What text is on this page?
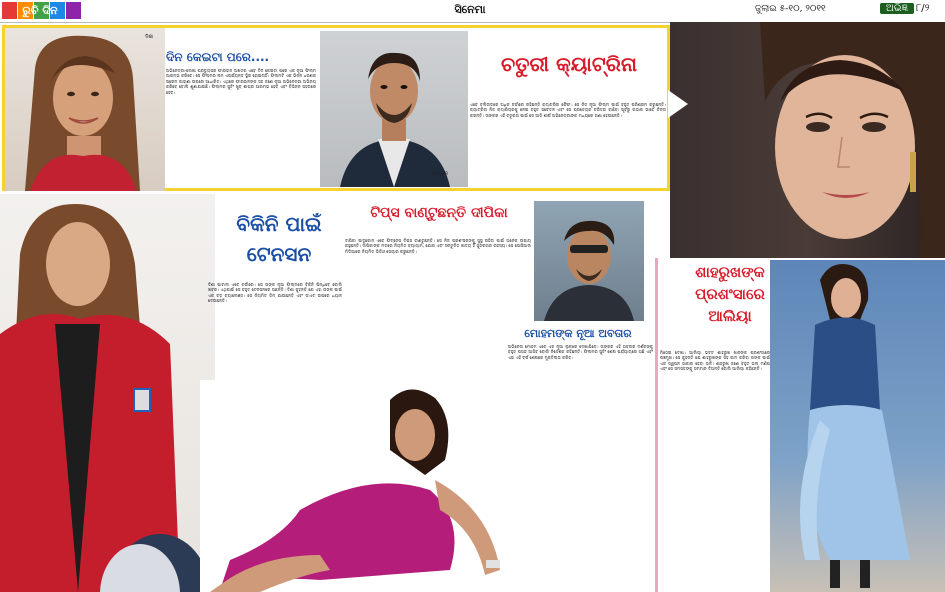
ରୁଚି ଦିନ	ସିନେମା	ଜୁଲାଇ ୫-୧୦, ୨୦୧୧	ଅଭିଜ୍ଞ ୮/୨
ଦିଶା
ଦିନ କେଇଟା ପରେ....
ଅଭିନେତ୍ରୀ-ଲେଖା ପ୍ରଡ୍ୟୁସର ଫାରହାନ ଅଖତର ଏବେ ଦିନ କେଇଟା ପରେ ଏକ ନୂଆ ଫିଲ୍ମ ଆରମ୍ଭ କରିବେ। ସେ ଫିଲ୍ମର ନାମ ଏପର୍ଯ୍ୟନ୍ତ ସ୍ଥିର ହୋଇନାହିଁ। ଫିଲ୍ମଟି ଏକ ଭିନ୍ନ ଧରଣର ପ୍ରେମ କାହାଣୀ ଉପରେ ଆଧାରିତ। ଏଥିରେ ଫାରହାନଙ୍କ ସହ ଜଣେ ନୂଆ ଅଭିନେତ୍ରୀ ଅଭିନୟ କରିବେ ବୋଲି ଶୁଣାଯାଉଛି। ଫିଲ୍ମର ସୁଟିଂ ଖୁବ୍ ଶୀଘ୍ର ଆରମ୍ଭ ହେବ ଏବଂ ବିଭିନ୍ନ ସହରରେ ହେବ।
ଫରହାନ
ଚତୁରୀ କ୍ୟାଟ୍ରିନା
ଏବେ ବଲିଉଡରେ ଅଧିକ ଚର୍ଚ୍ଚାରେ ରହିଛନ୍ତି କ୍ୟାଟ୍ରିନା କୈଫ। ସେ ନିଜ ନୂଆ ଫିଲ୍ମ ପାଇଁ ବହୁତ ପରିଶ୍ରମ କରୁଛନ୍ତି। କ୍ୟାଟ୍ରିନା ନିଜ କ୍ୟାରିୟରକୁ ନେଇ ବହୁତ ସଚେତନ ଏବଂ ସେ ପ୍ରତ୍ୟେକ ଚରିତ୍ର ବାଛିବା ପୂର୍ବରୁ ଗଭୀର ଭାବେ ଚିନ୍ତା କରନ୍ତି। ତାଙ୍କର ଏହି ଚତୁରତା ପାଇଁ ସେ ଆଜି ଶୀର୍ଷ ଅଭିନେତ୍ରୀଙ୍କ ମଧ୍ୟରେ ଗଣା ହେଉଛନ୍ତି।
ବିକିନି ପାଇଁ
ଟେନସନ
ଦିଶା ପାଟାନୀ ଏବେ ଚର୍ଚ୍ଚାରେ। ସେ ତାଙ୍କ ନୂଆ ଫିଲ୍ମରେ ବିକିନି ପିନ୍ଧିବେ ବୋଲି ଖବର। ଏଥିପାଇଁ ସେ ବହୁତ ଟେନସନରେ ଅଛନ୍ତି। ଦିଶା କୁହନ୍ତି ଯେ ଏହା ତାଙ୍କ ପାଇଁ ଏକ ବଡ଼ ଚ୍ୟାଲେଞ୍ଜ। ସେ ନିୟମିତ ଜିମ୍ ଯାଉଛନ୍ତି ଏବଂ ଡାଏଟ୍ ଉପରେ ଧ୍ୟାନ ଦେଉଛନ୍ତି।
ଟିପ୍ସ ବାଣ୍ଟୁଛନ୍ତି ଦୀପିକା
ଦୀପିକା ପାଦୁକୋନ ଏବେ ଫିଟ୍ନେସ ଟିପ୍ସ ବାଣ୍ଟୁଛନ୍ତି। ସେ ନିଜ ପ୍ରଶଂସକଙ୍କୁ ସୁସ୍ଥ ରହିବା ପାଇଁ ଅନେକ ଉପାୟ କହୁଛନ୍ତି। ଦୀପିକାଙ୍କ ମତରେ ନିୟମିତ ବ୍ୟାୟାମ, ଯୋଗ ଏବଂ ସନ୍ତୁଳିତ ଖାଦ୍ୟ ହିଁ ସୁନ୍ଦରତାର ରହସ୍ୟ। ସେ ସୋସିଆଲ ମିଡିଆରେ ନିୟମିତ ଭିଡିଓ ସେୟାର କରୁଛନ୍ତି।
ମୋହମଙ୍କ ନୂଆ ଅବତାର
ଅଭିନେତା ମୋହମ ଏବେ ଏକ ନୂଆ ଲୁକରେ ଦେଖାଯିବେ। ତାଙ୍କର ଏହି ଅବତାର ଦର୍ଶକଙ୍କୁ ବହୁତ ପସନ୍ଦ ଆସିବ ବୋଲି ନିର୍ଦ୍ଦେଶକ କହିଛନ୍ତି। ଫିଲ୍ମର ସୁଟିଂ ଶେଷ ପର୍ଯ୍ୟାୟରେ ଅଛି ଏବଂ ଏହା ଏହି ବର୍ଷ ଶେଷରେ ମୁକ୍ତିଲାଭ କରିବ।
ଶାହରୁଖଙ୍କ
ପ୍ରଶଂସାରେ
ଆଲିୟା
ମିଠେଇ ଦେଖା। ଆଲିୟା ଭଟ୍ଟ ଶାହରୁଖ ଖାନଙ୍କ ପ୍ରଶଂସାରେ ପଞ୍ଚମୁଖ। ସେ କୁହନ୍ତି ଯେ ଶାହରୁଖଙ୍କ ସହ କାମ କରିବା ତାଙ୍କ ପାଇଁ ଏକ ସ୍ୱପ୍ନ ସାକାର ହେବା ଭଳି। ଶାହରୁଖ ଜଣେ ବହୁତ ଭଲ ମଣିଷ ଏବଂ ସେ ସମସ୍ତଙ୍କୁ ସମ୍ମାନ ଦିଅନ୍ତି ବୋଲି ଆଲିୟା କହିଛନ୍ତି।
